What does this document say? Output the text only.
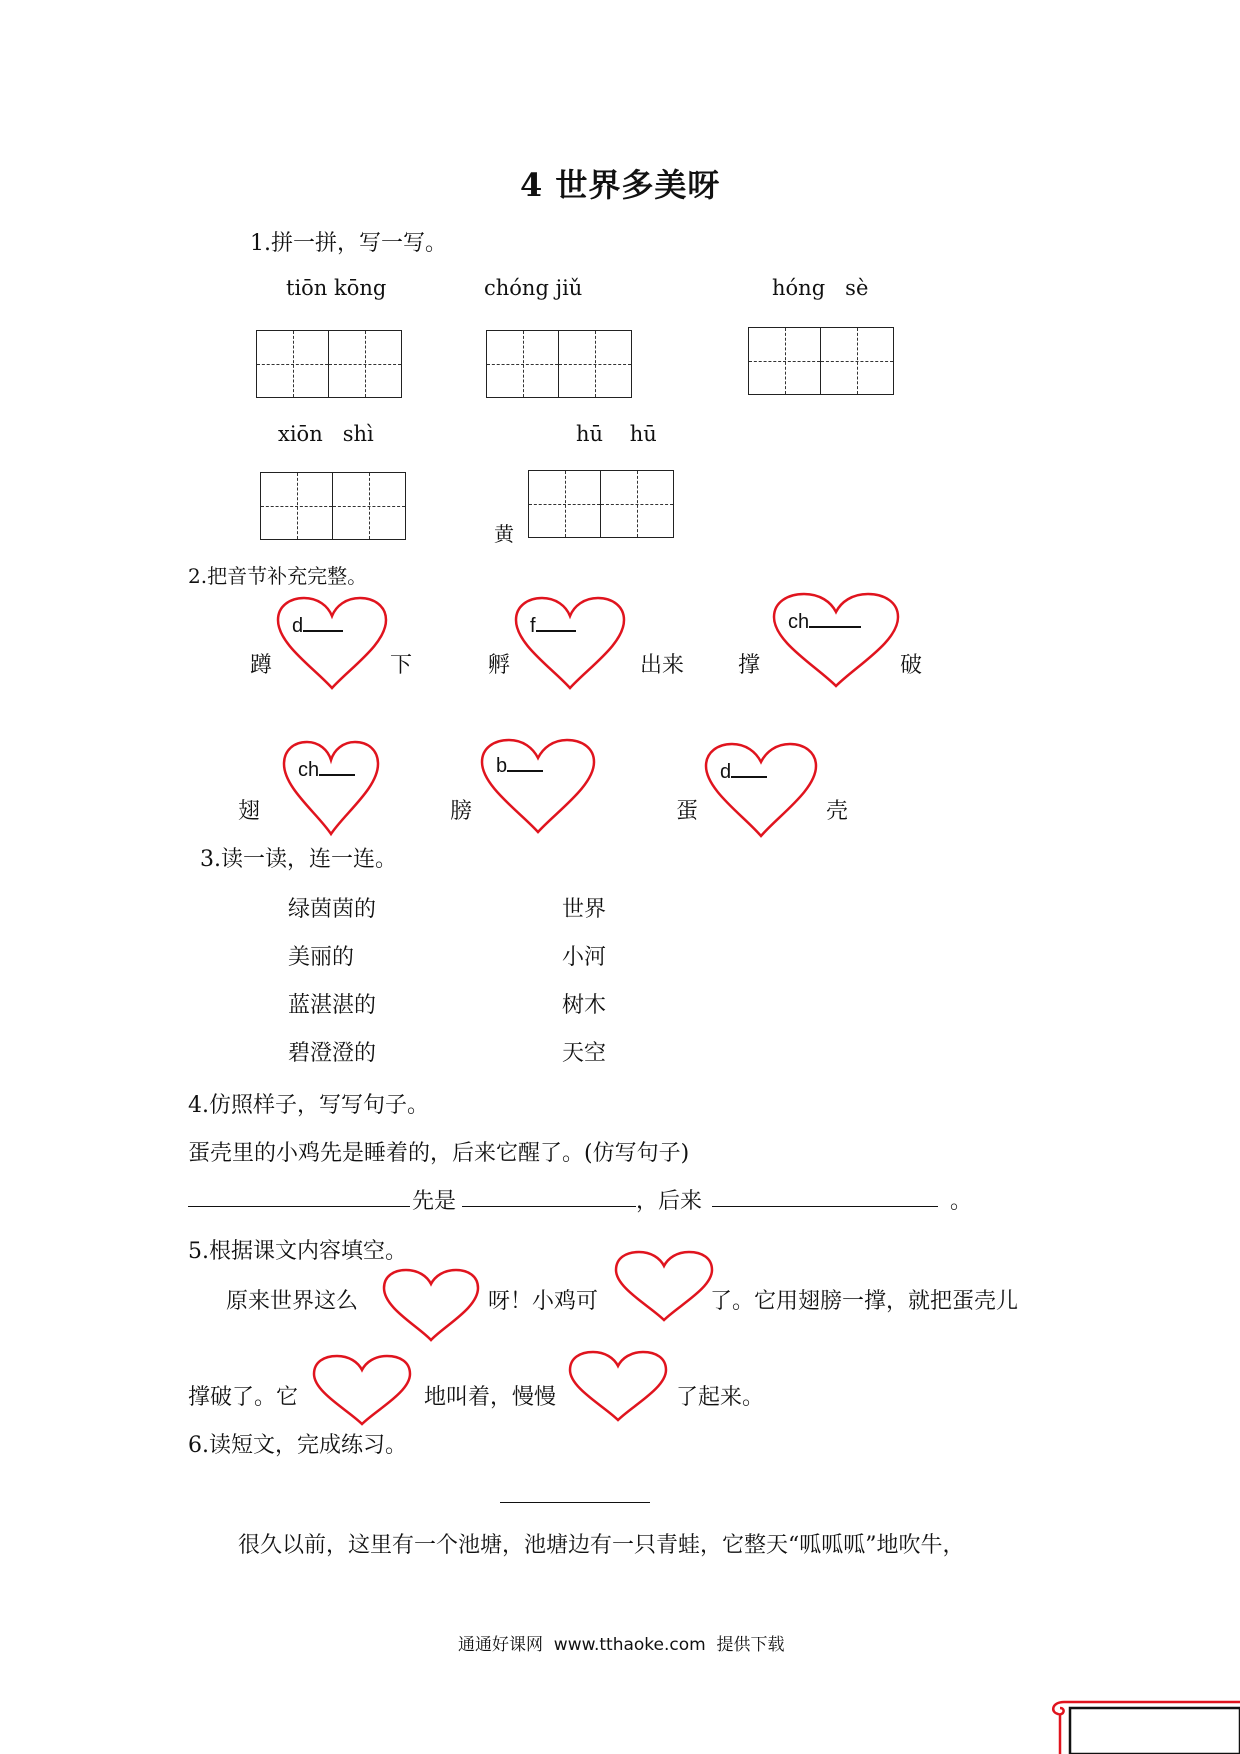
4 世界多美呀
1.拼一拼，写一写。
tiōn kōng	chóng jiǔ	hóng   sè
xiōn   shì	hū    hū
黄
2.把音节补充完整。
蹲
d
下	孵
f
出来 撑
ch
破
翅
ch
膀
b
蛋
d
壳
3.读一读，连一连。
绿茵茵的
美丽的
蓝湛湛的
碧澄澄的
世界
小河
树木
天空
4.仿照样子，写写句子。
蛋壳里的小鸡先是睡着的，后来它醒了。(仿写句子)
先是	，后来	。
5.根据课文内容填空。
原来世界这么	呀！小鸡可	了。它用翅膀一撑，就把蛋壳儿
撑破了。它	地叫着，慢慢	了起来。
6.读短文，完成练习。
很久以前，这里有一个池塘，池塘边有一只青蛙，它整天“呱呱呱”地吹牛，
通通好课网  www.tthaoke.com  提供下载
